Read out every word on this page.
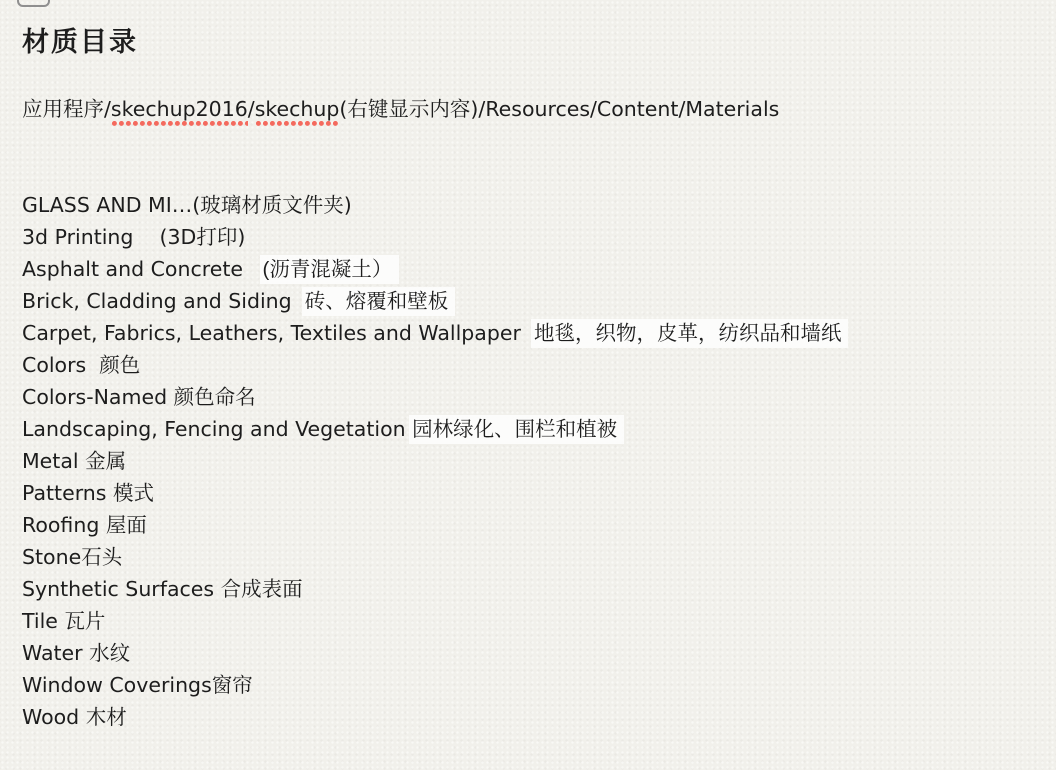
材质目录

应用程序/skechup2016/skechup(右键显示内容)/Resources/Content/Materials

GLASS AND MI…(玻璃材质文件夹)
3d Printing (3D打印)
Asphalt and Concrete (沥青混凝土）
Brick, Cladding and Siding 砖、熔覆和壁板
Carpet, Fabrics, Leathers, Textiles and Wallpaper 地毯，织物，皮革，纺织品和墙纸
Colors 颜色
Colors-Named 颜色命名
Landscaping, Fencing and Vegetation 园林绿化、围栏和植被
Metal 金属
Patterns 模式
Roofing 屋面
Stone石头
Synthetic Surfaces 合成表面
Tile 瓦片
Water 水纹
Window Coverings窗帘
Wood 木材
